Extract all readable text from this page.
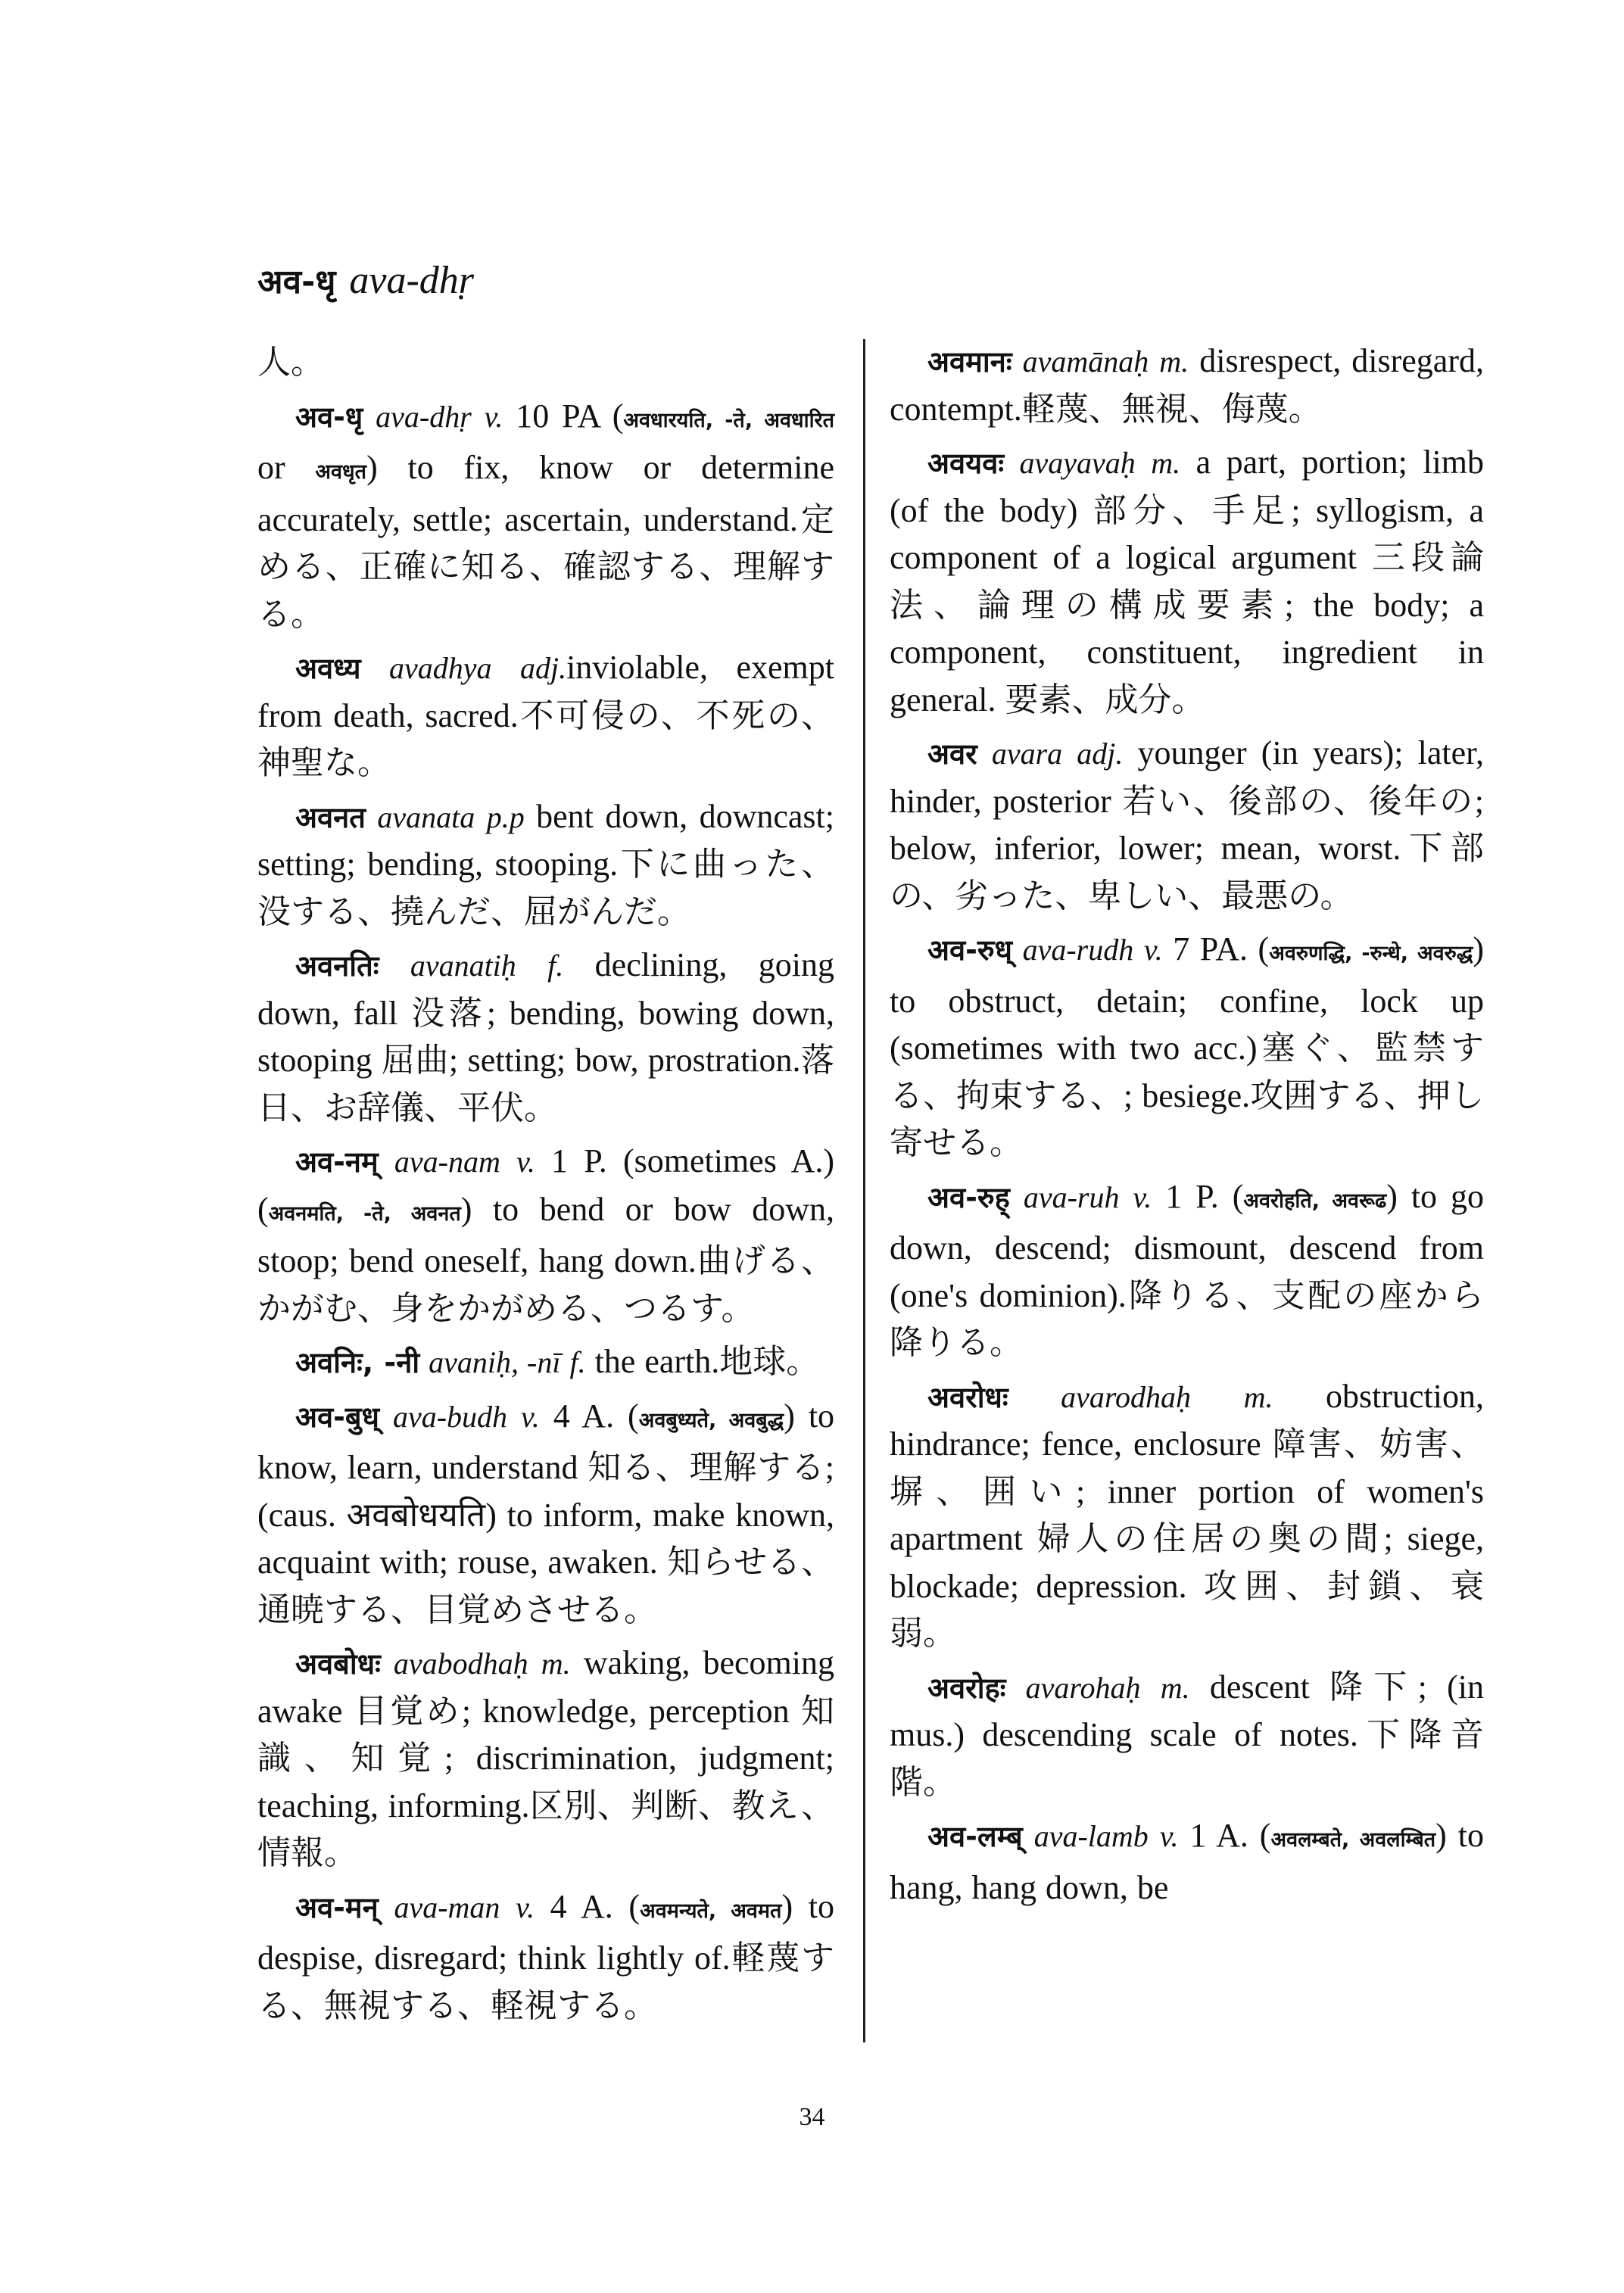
अव-धृ ava-dhṛ

人。

अव-धृ ava-dhṛ v. 10 PA (अवधारयति, -ते, अवधारित or अवधृत) to fix, know or determine accurately, settle; ascertain, understand.定める、正確に知る、確認する、理解する。

अवध्य avadhya adj.inviolable, exempt from death, sacred.不可侵の、不死の、神聖な。

अवनत avanata p.p bent down, downcast; setting; bending, stooping.下に曲った、没する、撓んだ、屈がんだ。

अवनतिः avanatiḥ f. declining, going down, fall 没落; bending, bowing down, stooping 屈曲; setting; bow, prostration.落日、お辞儀、平伏。

अव-नम् ava-nam v. 1 P. (sometimes A.) (अवनमति, -ते, अवनत) to bend or bow down, stoop; bend oneself, hang down.曲げる、かがむ、身をかがめる、つるす。

अवनिः, -नी avaniḥ, -nī f. the earth.地球。

अव-बुध् ava-budh v. 4 A. (अवबुध्यते, अवबुद्ध) to know, learn, understand 知る、理解する; (caus. अवबोधयति) to inform, make known, acquaint with; rouse, awaken. 知らせる、通暁する、目覚めさせる。

अवबोधः avabodhaḥ m. waking, becoming awake 目覚め; knowledge, perception 知識、知覚; discrimination, judgment; teaching, informing.区別、判断、教え、情報。

अव-मन् ava-man v. 4 A. (अवमन्यते, अवमत) to despise, disregard; think lightly of.軽蔑する、無視する、軽視する。

अवमानः avamānaḥ m. disrespect, disregard, contempt.軽蔑、無視、侮蔑。

अवयवः avayavaḥ m. a part, portion; limb (of the body) 部分、手足; syllogism, a component of a logical argument 三段論法、論理の構成要素; the body; a component, constituent, ingredient in general. 要素、成分。

अवर avara adj. younger (in years); later, hinder, posterior 若い、後部の、後年の; below, inferior, lower; mean, worst.下部の、劣った、卑しい、最悪の。

अव-रुध् ava-rudh v. 7 PA. (अवरुणद्धि, -रुन्धे, अवरुद्ध) to obstruct, detain; confine, lock up (sometimes with two acc.)塞ぐ、監禁する、拘束する、; besiege.攻囲する、押し寄せる。

अव-रुह् ava-ruh v. 1 P. (अवरोहति, अवरूढ) to go down, descend; dismount, descend from (one's dominion).降りる、支配の座から降りる。

अवरोधः avarodhaḥ m. obstruction, hindrance; fence, enclosure 障害、妨害、塀、囲い; inner portion of women's apartment 婦人の住居の奥の間; siege, blockade; depression. 攻囲、封鎖、衰弱。

अवरोहः avarohaḥ m. descent 降下; (in mus.) descending scale of notes.下降音階。

अव-लम्ब् ava-lamb v. 1 A. (अवलम्बते, अवलम्बित) to hang, hang down, be

34
